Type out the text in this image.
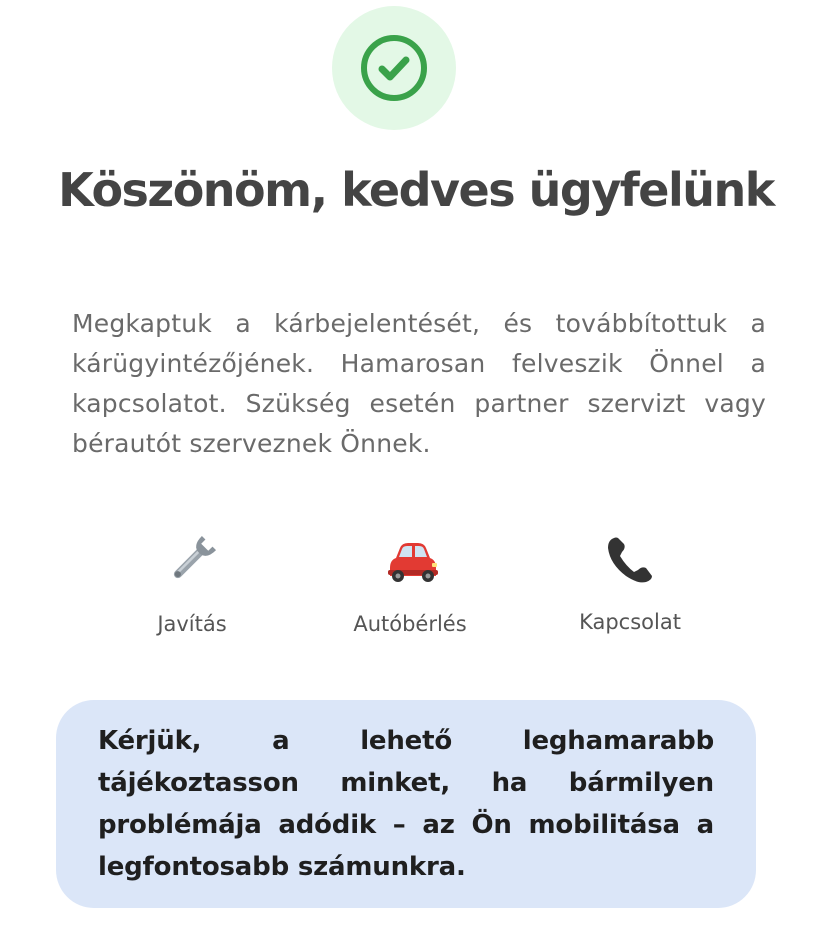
Köszönöm, kedves ügyfelünk

Megkaptuk a kárbejelentését, és továbbítottuk a kárügyintézőjének. Hamarosan felveszik Önnel a kapcsolatot. Szükség esetén partner szervizt vagy bérautót szerveznek Önnek.

Javítás	Autóbérlés	Kapcsolat

Kérjük, a lehető leghamarabb tájékoztasson minket, ha bármilyen problémája adódik – az Ön mobilitása a legfontosabb számunkra.
